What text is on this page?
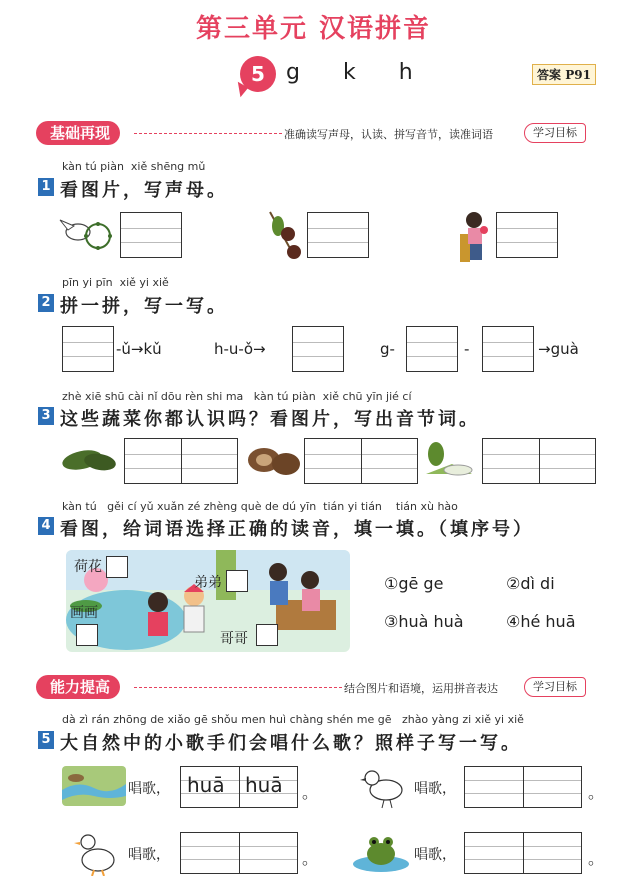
第三单元 汉语拼音
5 g k h	答案 P91
基础再现	准确读写声母，认读、拼写音节，读准词语	学习目标
kàn tú piàn  xiě shēng mǔ
1 看图片，写声母。
pīn yi pīn  xiě yi xiě
2 拼一拼，写一写。
-ǔ→kǔ	h-u-ǒ→	g-	-	→guà
zhè xiē shū cài nǐ dōu rèn shi ma   kàn tú piàn  xiě chū yīn jié cí
3 这些蔬菜你都认识吗？看图片，写出音节词。
kàn tú   gěi cí yǔ xuǎn zé zhèng què de dú yīn  tián yi tián    tián xù hào
4 看图，给词语选择正确的读音，填一填。（填序号）
荷花
弟弟
画画
哥哥
①gē ge	②dì di
③huà huà	④hé huā
能力提高	结合图片和语境，运用拼音表达	学习目标
dà zì rán zhōng de xiǎo gē shǒu men huì chàng shén me gē   zhào yàng zi xiě yi xiě
5 大自然中的小歌手们会唱什么歌？照样子写一写。
唱歌， huā huā 。	唱歌，	。
唱歌，	。	唱歌，	。
